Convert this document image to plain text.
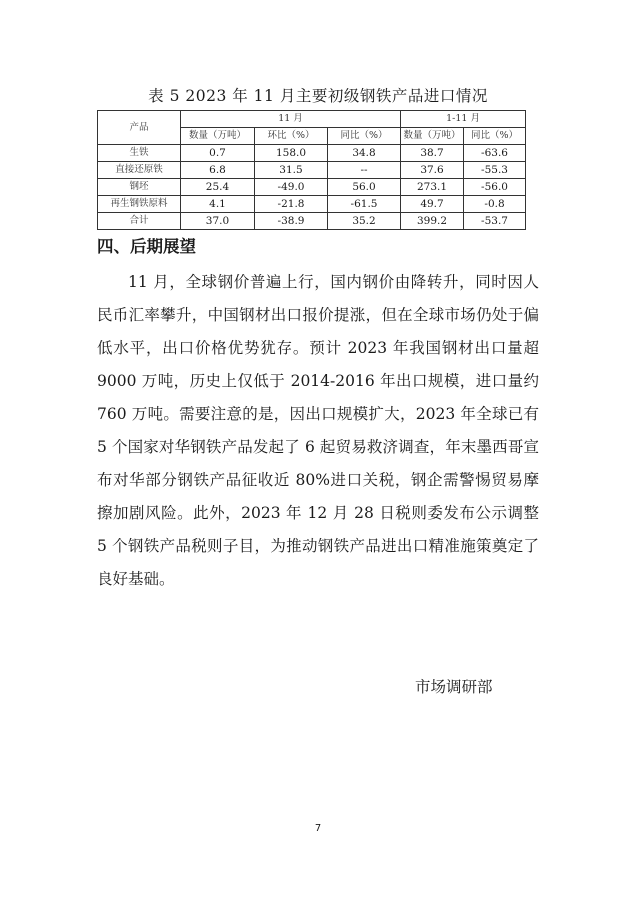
表 5 2023 年 11 月主要初级钢铁产品进口情况
产品	11 月			1-11 月	
	数量（万吨）	环比（%）	同比（%）	数量（万吨）	同比（%）
生铁	0.7	158.0	34.8	38.7	-63.6
直接还原铁	6.8	31.5	--	37.6	-55.3
钢坯	25.4	-49.0	56.0	273.1	-56.0
再生钢铁原料	4.1	-21.8	-61.5	49.7	-0.8
合计	37.0	-38.9	35.2	399.2	-53.7
四、后期展望

11 月，全球钢价普遍上行，国内钢价由降转升，同时因人民币汇率攀升，中国钢材出口报价提涨，但在全球市场仍处于偏低水平，出口价格优势犹存。预计 2023 年我国钢材出口量超 9000 万吨，历史上仅低于 2014-2016 年出口规模，进口量约 760 万吨。需要注意的是，因出口规模扩大，2023 年全球已有 5 个国家对华钢铁产品发起了 6 起贸易救济调查，年末墨西哥宣布对华部分钢铁产品征收近 80%进口关税，钢企需警惕贸易摩擦加剧风险。此外，2023 年 12 月 28 日税则委发布公示调整 5 个钢铁产品税则子目，为推动钢铁产品进出口精准施策奠定了良好基础。

市场调研部
7
